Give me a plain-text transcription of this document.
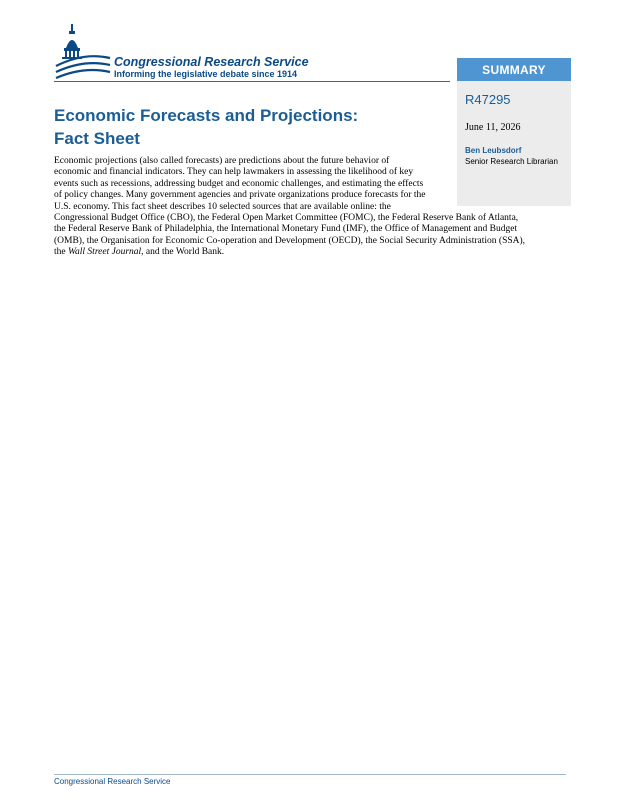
Congressional Research Service
Informing the legislative debate since 1914	SUMMARY
R47295
June 11, 2026
Ben Leubsdorf
Senior Research Librarian
Economic Forecasts and Projections:
Fact Sheet

Economic projections (also called forecasts) are predictions about the future behavior of
economic and financial indicators. They can help lawmakers in assessing the likelihood of key
events such as recessions, addressing budget and economic challenges, and estimating the effects
of policy changes. Many government agencies and private organizations produce forecasts for the
U.S. economy. This fact sheet describes 10 selected sources that are available online: the
Congressional Budget Office (CBO), the Federal Open Market Committee (FOMC), the Federal Reserve Bank of Atlanta,
the Federal Reserve Bank of Philadelphia, the International Monetary Fund (IMF), the Office of Management and Budget
(OMB), the Organisation for Economic Co-operation and Development (OECD), the Social Security Administration (SSA),
the Wall Street Journal, and the World Bank.

Congressional Research Service
